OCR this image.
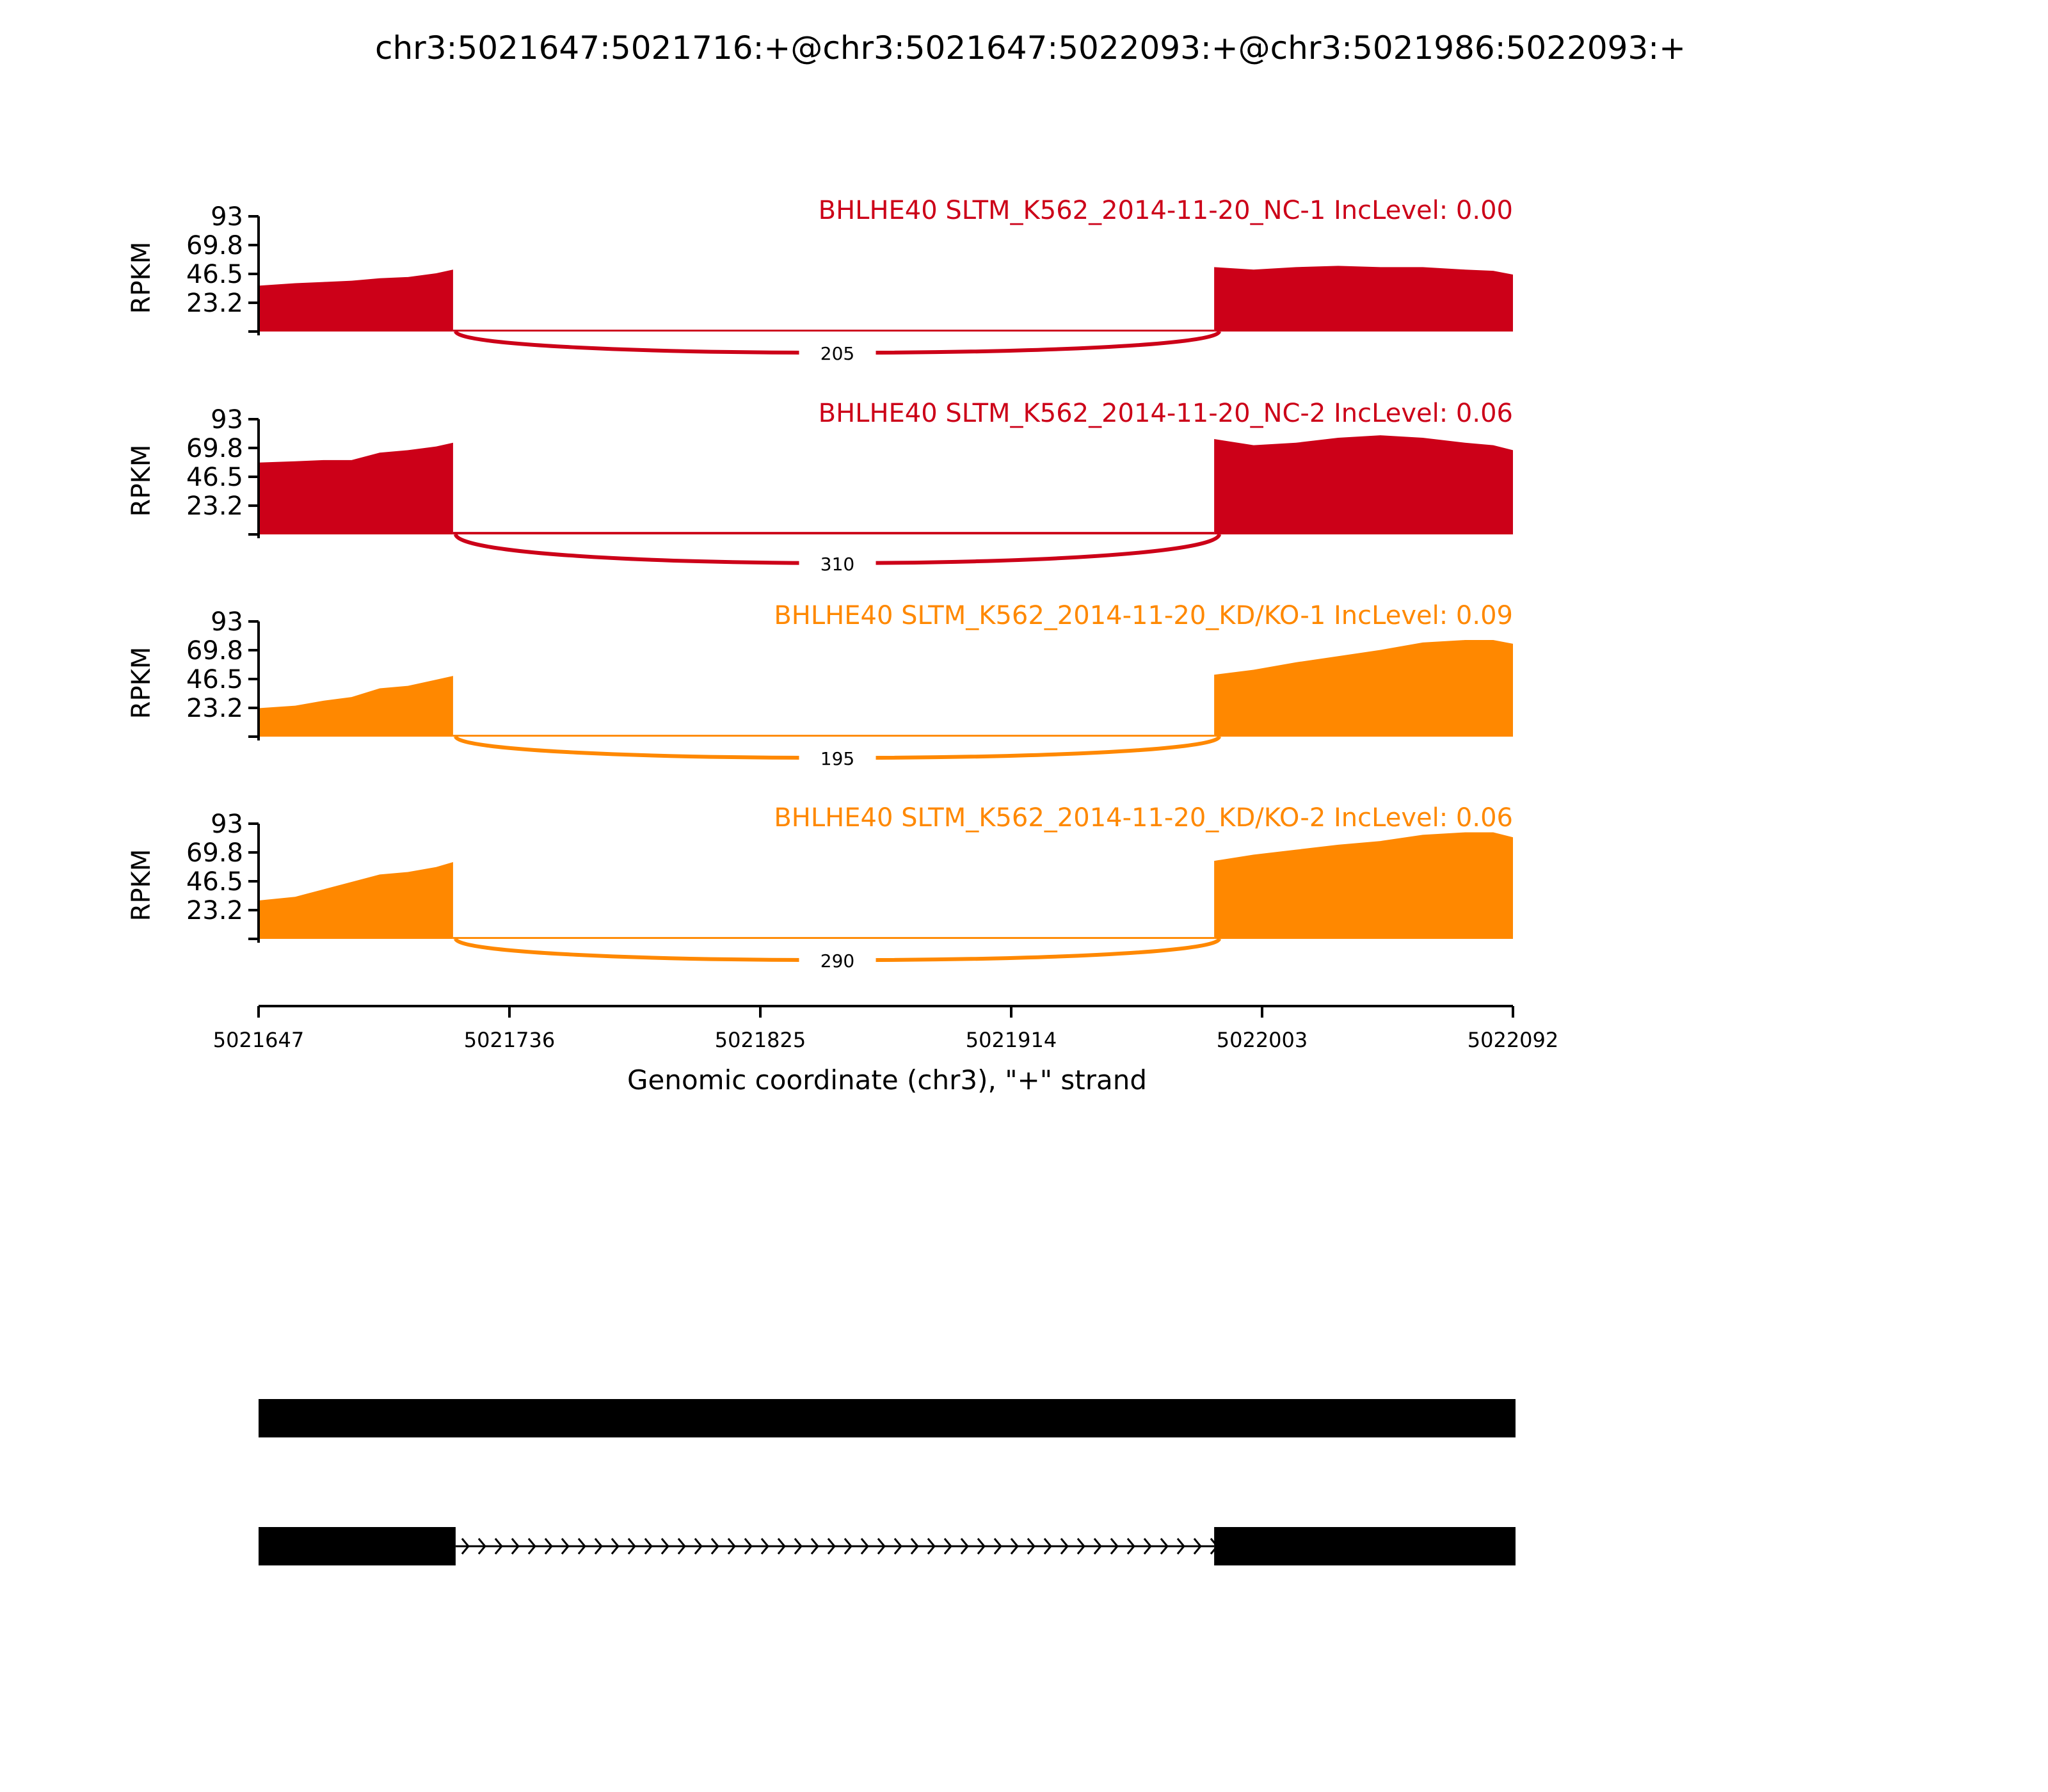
chr3:5021647:5021716:+@chr3:5021647:5022093:+@chr3:5021986:5022093:+
205
23.2
46.5
69.8
93
RPKM
BHLHE40 SLTM_K562_2014-11-20_NC-1 IncLevel: 0.00
310
23.2
46.5
69.8
93
RPKM
BHLHE40 SLTM_K562_2014-11-20_NC-2 IncLevel: 0.06
195
23.2
46.5
69.8
93
RPKM
BHLHE40 SLTM_K562_2014-11-20_KD/KO-1 IncLevel: 0.09
290
23.2
46.5
69.8
93
RPKM
BHLHE40 SLTM_K562_2014-11-20_KD/KO-2 IncLevel: 0.06
5021647	5021736	5021825	5021914	5022003	5022092
Genomic coordinate (chr3), "+" strand
